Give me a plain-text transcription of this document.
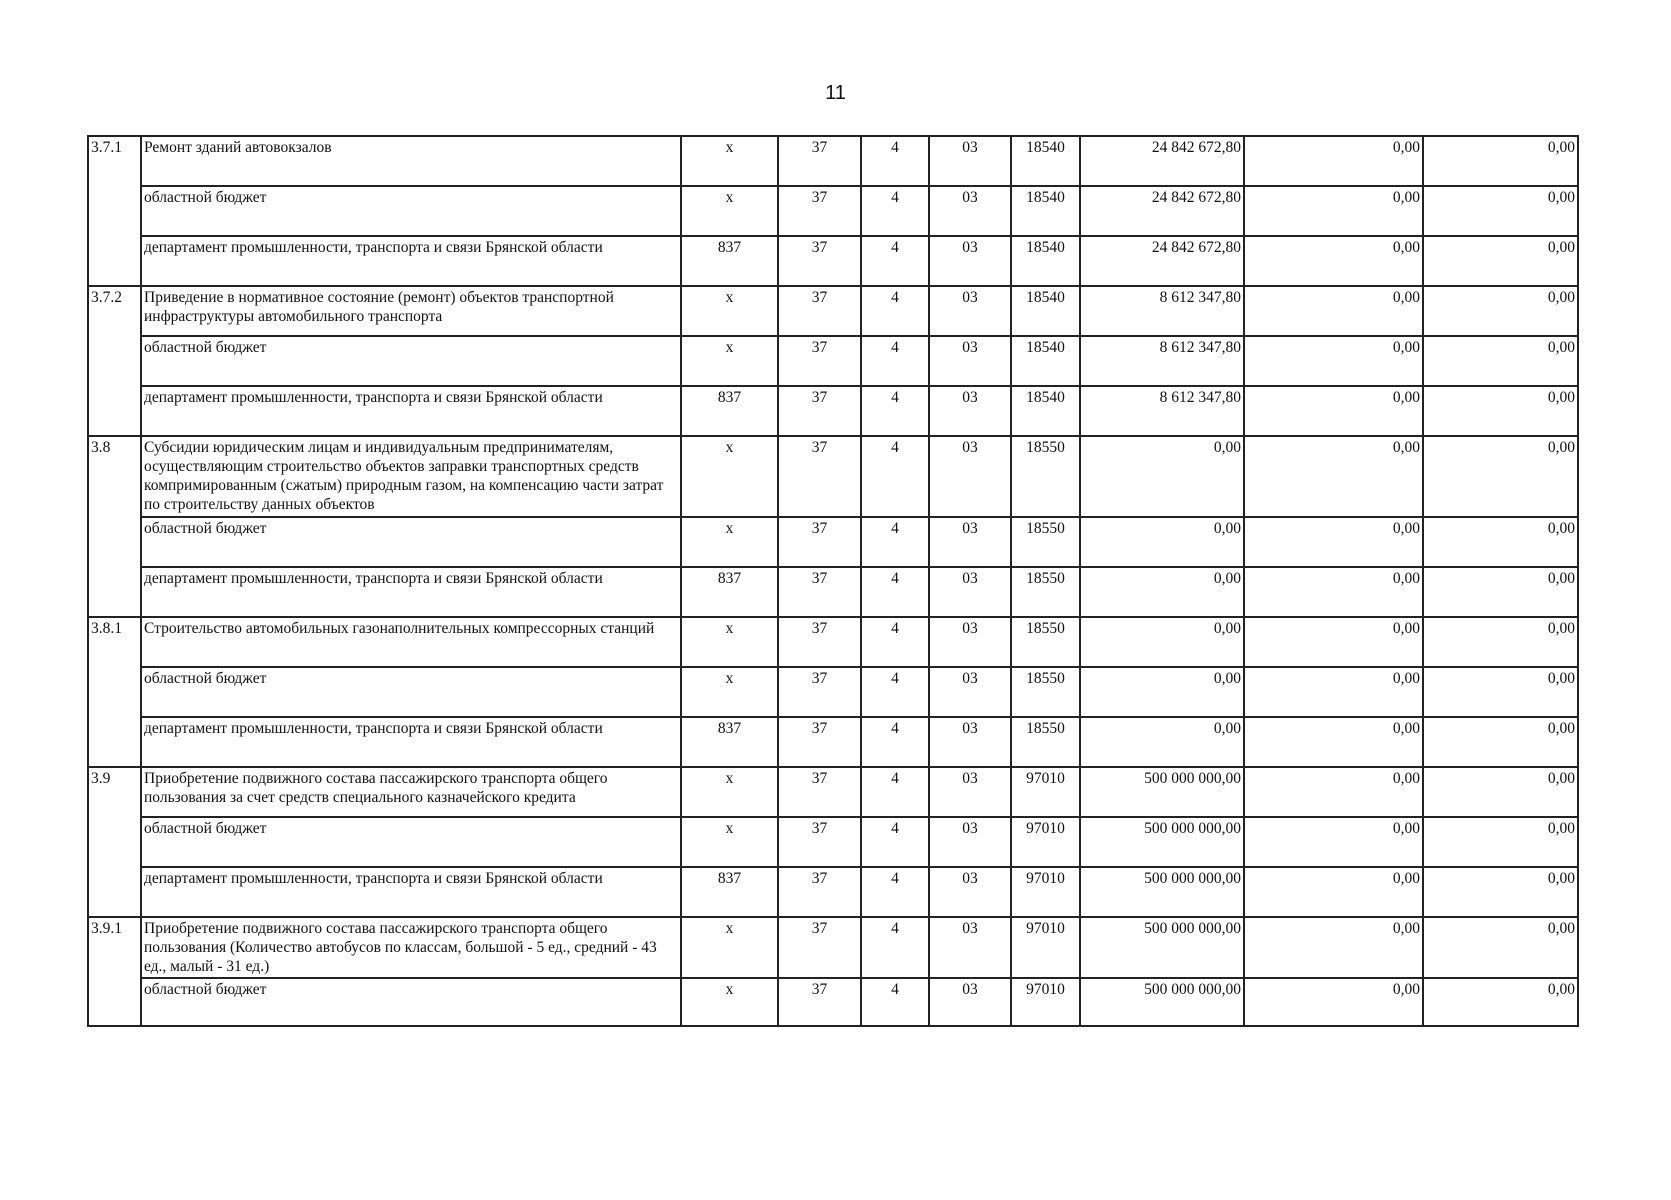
11
3.7.1	Ремонт зданий автовокзалов	х	37	4	03	18540	24 842 672,80	0,00	0,00
	областной бюджет	х	37	4	03	18540	24 842 672,80	0,00	0,00
	департамент промышленности, транспорта и связи Брянской области	837	37	4	03	18540	24 842 672,80	0,00	0,00
3.7.2	Приведение в нормативное состояние (ремонт) объектов транспортной инфраструктуры автомобильного транспорта	х	37	4	03	18540	8 612 347,80	0,00	0,00
	областной бюджет	х	37	4	03	18540	8 612 347,80	0,00	0,00
	департамент промышленности, транспорта и связи Брянской области	837	37	4	03	18540	8 612 347,80	0,00	0,00
3.8	Субсидии юридическим лицам и индивидуальным предпринимателям, осуществляющим строительство объектов заправки транспортных средств компримированным (сжатым) природным газом, на компенсацию части затрат по строительству данных объектов	х	37	4	03	18550	0,00	0,00	0,00
	областной бюджет	х	37	4	03	18550	0,00	0,00	0,00
	департамент промышленности, транспорта и связи Брянской области	837	37	4	03	18550	0,00	0,00	0,00
3.8.1	Строительство автомобильных газонаполнительных компрессорных станций	х	37	4	03	18550	0,00	0,00	0,00
	областной бюджет	х	37	4	03	18550	0,00	0,00	0,00
	департамент промышленности, транспорта и связи Брянской области	837	37	4	03	18550	0,00	0,00	0,00
3.9	Приобретение подвижного состава пассажирского транспорта общего пользования за счет средств специального казначейского кредита	х	37	4	03	97010	500 000 000,00	0,00	0,00
	областной бюджет	х	37	4	03	97010	500 000 000,00	0,00	0,00
	департамент промышленности, транспорта и связи Брянской области	837	37	4	03	97010	500 000 000,00	0,00	0,00
3.9.1	Приобретение подвижного состава пассажирского транспорта общего пользования (Количество автобусов по классам, большой - 5 ед., средний - 43 ед., малый - 31 ед.)	х	37	4	03	97010	500 000 000,00	0,00	0,00
	областной бюджет	х	37	4	03	97010	500 000 000,00	0,00	0,00
